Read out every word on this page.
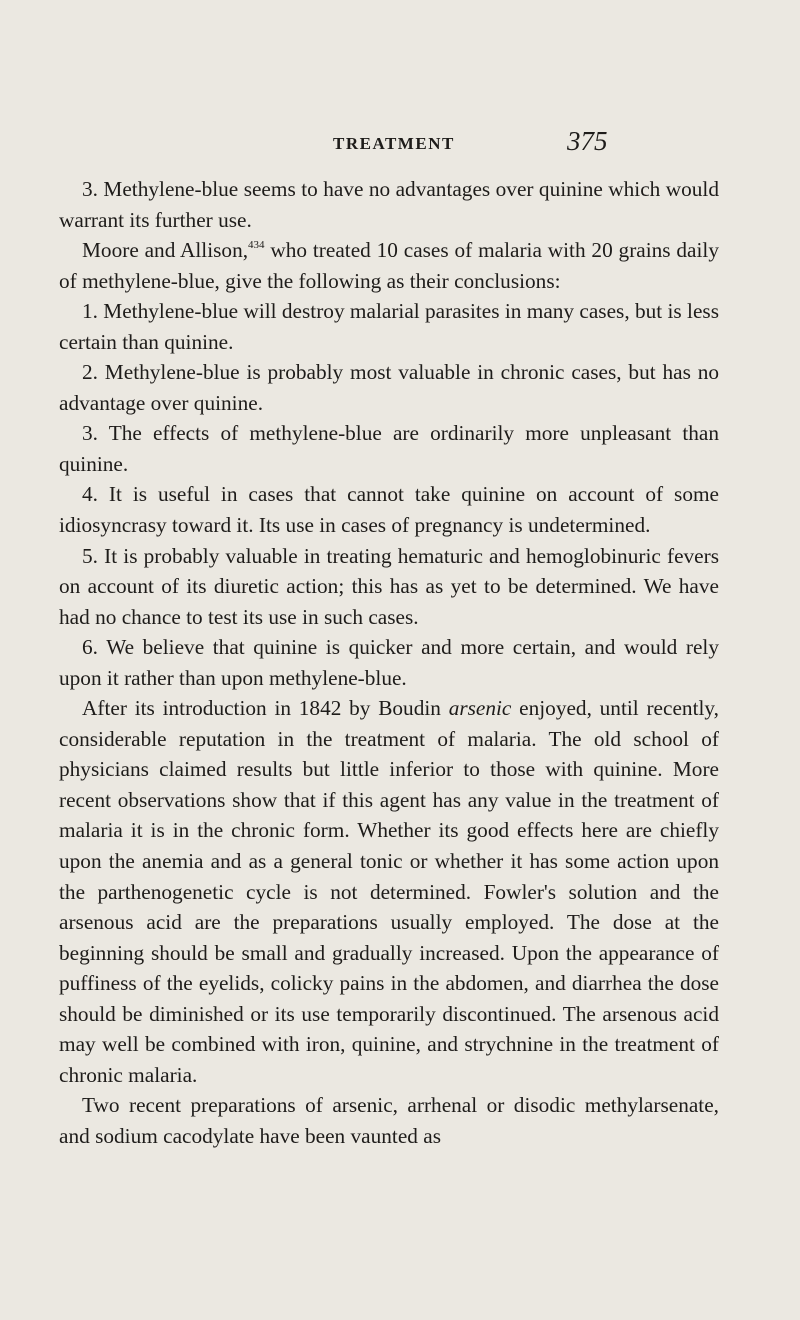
TREATMENT	375

3. Methylene-blue seems to have no advantages over quinine which would warrant its further use.

Moore and Allison,$^{434}$ who treated 10 cases of malaria with 20 grains daily of methylene-blue, give the following as their conclusions:

1. Methylene-blue will destroy malarial parasites in many cases, but is less certain than quinine.

2. Methylene-blue is probably most valuable in chronic cases, but has no advantage over quinine.

3. The effects of methylene-blue are ordinarily more unpleasant than quinine.

4. It is useful in cases that cannot take quinine on account of some idiosyncrasy toward it. Its use in cases of pregnancy is undetermined.

5. It is probably valuable in treating hematuric and hemoglobinuric fevers on account of its diuretic action; this has as yet to be determined. We have had no chance to test its use in such cases.

6. We believe that quinine is quicker and more certain, and would rely upon it rather than upon methylene-blue.

After its introduction in 1842 by Boudin arsenic enjoyed, until recently, considerable reputation in the treatment of malaria. The old school of physicians claimed results but little inferior to those with quinine. More recent observations show that if this agent has any value in the treatment of malaria it is in the chronic form. Whether its good effects here are chiefly upon the anemia and as a general tonic or whether it has some action upon the parthenogenetic cycle is not determined. Fowler's solution and the arsenous acid are the preparations usually employed. The dose at the beginning should be small and gradually increased. Upon the appearance of puffiness of the eyelids, colicky pains in the abdomen, and diarrhea the dose should be diminished or its use temporarily discontinued. The arsenous acid may well be combined with iron, quinine, and strychnine in the treatment of chronic malaria.

Two recent preparations of arsenic, arrhenal or disodic methylarsenate, and sodium cacodylate have been vaunted as
